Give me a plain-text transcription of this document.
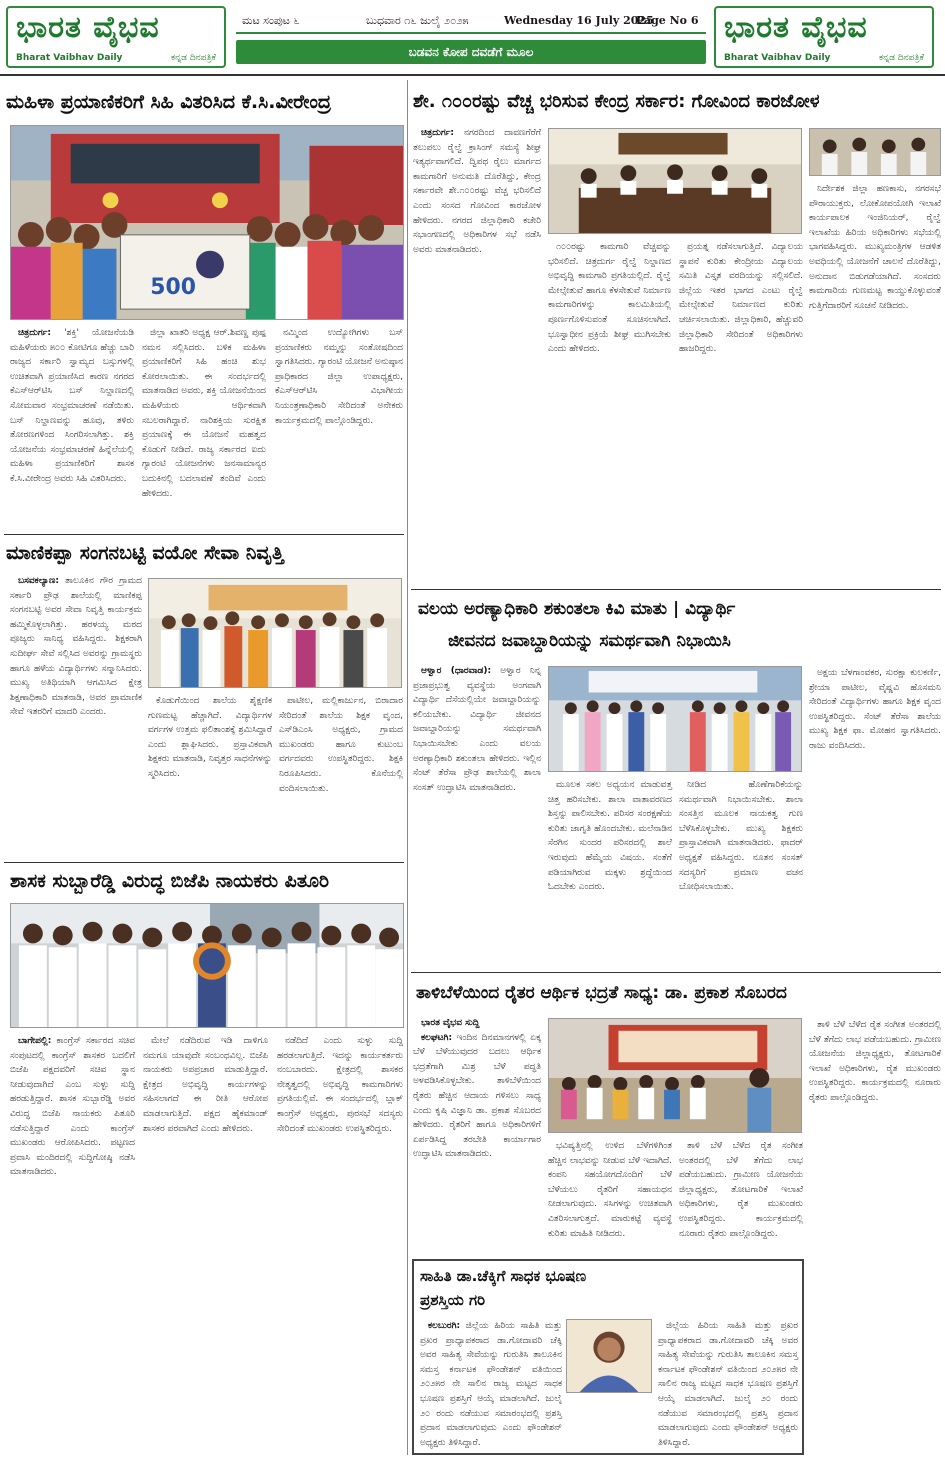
ಭಾರತ ವೈಭವ
Bharat Vaibhav Daily	ಕನ್ನಡ ದಿನಪತ್ರಿಕೆ
ಮಟ ಸಂಪುಟ ೬	ಬುಧವಾರ ೧೬ ಜುಲೈ ೨೦೨೫	Wednesday 16 July 2025
Page No 6
ಬಡವನ ಕೋಪ ದವಡೆಗೆ ಮೂಲ
ಭಾರತ ವೈಭವ
Bharat Vaibhav Daily	ಕನ್ನಡ ದಿನಪತ್ರಿಕೆ
ಮಹಿಳಾ ಪ್ರಯಾಣಿಕರಿಗೆ ಸಿಹಿ ವಿತರಿಸಿದ ಕೆ.ಸಿ.ವೀರೇಂದ್ರ
500

ಚಿತ್ರದುರ್ಗ: 'ಶಕ್ತಿ' ಯೋಜನೆಯಡಿ ಮಹಿಳೆಯರು ೫೦೦ ಕೋಟಿಗೂ ಹೆಚ್ಚು ಬಾರಿ ರಾಜ್ಯದ ಸರ್ಕಾರಿ ಸ್ವಾಮ್ಯದ ಬಸ್ಸುಗಳಲ್ಲಿ ಉಚಿತವಾಗಿ ಪ್ರಯಾಣಿಸಿದ ಕಾರಣ ನಗರದ ಕೆಎಸ್‌ಆರ್‌ಟಿಸಿ ಬಸ್ ನಿಲ್ದಾಣದಲ್ಲಿ ಸೋಮವಾರ ಸಂಭ್ರಮಾಚರಣೆ ನಡೆಯಿತು. ಬಸ್ ನಿಲ್ದಾಣವನ್ನು ಹೂವು, ತಳಿರು ತೋರಣಗಳಿಂದ ಸಿಂಗರಿಸಲಾಗಿತ್ತು. ಶಕ್ತಿ ಯೋಜನೆಯ ಸಂಭ್ರಮಾಚರಣೆ ಹಿನ್ನೆಲೆಯಲ್ಲಿ ಮಹಿಳಾ ಪ್ರಯಾಣಿಕರಿಗೆ ಶಾಸಕ ಕೆ.ಸಿ.ವೀರೇಂದ್ರ ಅವರು ಸಿಹಿ ವಿತರಿಸಿದರು.

ಜಿಲ್ಲಾ ಖಾತರಿ ಅಧ್ಯಕ್ಷ ಆರ್.ಶಿವಣ್ಣ ಪುಷ್ಪ ನಮನ ಸಲ್ಲಿಸಿದರು. ಬಳಿಕ ಮಹಿಳಾ ಪ್ರಯಾಣಿಕರಿಗೆ ಸಿಹಿ ಹಂಚಿ ಶುಭ ಕೋರಲಾಯಿತು. ಈ ಸಂದರ್ಭದಲ್ಲಿ ಮಾತನಾಡಿದ ಅವರು, ಶಕ್ತಿ ಯೋಜನೆಯಿಂದ ಮಹಿಳೆಯರು ಆರ್ಥಿಕವಾಗಿ ಸಬಲರಾಗಿದ್ದಾರೆ. ನಾರಿಶಕ್ತಿಯ ಸುರಕ್ಷಿತ ಪ್ರಯಾಣಕ್ಕೆ ಈ ಯೋಜನೆ ಮಹತ್ವದ ಕೊಡುಗೆ ನೀಡಿದೆ. ರಾಜ್ಯ ಸರ್ಕಾರದ ಐದು ಗ್ಯಾರಂಟಿ ಯೋಜನೆಗಳು ಜನಸಾಮಾನ್ಯರ ಬದುಕಿನಲ್ಲಿ ಬದಲಾವಣೆ ತಂದಿವೆ ಎಂದು ಹೇಳಿದರು.

ನಮ್ಮಿಂದ ಉದ್ಯೋಗಿಗಳು ಬಸ್ ಪ್ರಯಾಣಿಕರು ನಮ್ಮನ್ನು ಸಂತೋಷದಿಂದ ಸ್ವಾಗತಿಸಿದರು. ಗ್ಯಾರಂಟಿ ಯೋಜನೆ ಅನುಷ್ಠಾನ ಪ್ರಾಧಿಕಾರದ ಜಿಲ್ಲಾ ಉಪಾಧ್ಯಕ್ಷರು, ಕೆಎಸ್‌ಆರ್‌ಟಿಸಿ ವಿಭಾಗೀಯ ನಿಯಂತ್ರಣಾಧಿಕಾರಿ ಸೇರಿದಂತೆ ಅನೇಕರು ಕಾರ್ಯಕ್ರಮದಲ್ಲಿ ಪಾಲ್ಗೊಂಡಿದ್ದರು.

ಮಾಣಿಕಪ್ಪಾ ಸಂಗನಬಟ್ಟಿ ವಯೋ ಸೇವಾ ನಿವೃತ್ತಿ

ಬಸವಕಲ್ಯಾಣ: ತಾಲೂಕಿನ ಗೌರ ಗ್ರಾಮದ ಸರ್ಕಾರಿ ಪ್ರೌಢ ಶಾಲೆಯಲ್ಲಿ ಮಾಣಿಕಪ್ಪ ಸಂಗನಬಟ್ಟಿ ಅವರ ಸೇವಾ ನಿವೃತ್ತಿ ಕಾರ್ಯಕ್ರಮ ಹಮ್ಮಿಕೊಳ್ಳಲಾಗಿತ್ತು. ಹರಳಯ್ಯ ಮಠದ ಪೂಜ್ಯರು ಸಾನಿಧ್ಯ ವಹಿಸಿದ್ದರು. ಶಿಕ್ಷಕರಾಗಿ ಸುದೀರ್ಘ ಸೇವೆ ಸಲ್ಲಿಸಿದ ಅವರನ್ನು ಗ್ರಾಮಸ್ಥರು ಹಾಗೂ ಹಳೆಯ ವಿದ್ಯಾರ್ಥಿಗಳು ಸನ್ಮಾನಿಸಿದರು. ಮುಖ್ಯ ಅತಿಥಿಯಾಗಿ ಆಗಮಿಸಿದ ಕ್ಷೇತ್ರ ಶಿಕ್ಷಣಾಧಿಕಾರಿ ಮಾತನಾಡಿ, ಅವರ ಪ್ರಾಮಾಣಿಕ ಸೇವೆ ಇತರರಿಗೆ ಮಾದರಿ ಎಂದರು.

ಕೊಡುಗೆಯಿಂದ ಶಾಲೆಯ ಶೈಕ್ಷಣಿಕ ಗುಣಮಟ್ಟ ಹೆಚ್ಚಾಗಿದೆ. ವಿದ್ಯಾರ್ಥಿಗಳ ವರ್ಗಗಳ ಉತ್ತಮ ಫಲಿತಾಂಶಕ್ಕೆ ಶ್ರಮಿಸಿದ್ದಾರೆ ಎಂದು ಶ್ಲಾಘಿಸಿದರು. ಪ್ರಸ್ತಾವಿಕವಾಗಿ ಶಿಕ್ಷಕರು ಮಾತನಾಡಿ, ನಿವೃತ್ತರ ಸಾಧನೆಗಳನ್ನು ಸ್ಮರಿಸಿದರು.

ಪಾಟೀಲ, ಮಲ್ಲಿಕಾರ್ಜುನ, ಬಿರಾದಾರ ಸೇರಿದಂತೆ ಶಾಲೆಯ ಶಿಕ್ಷಕ ವೃಂದ, ಎಸ್‌ಡಿಎಂಸಿ ಅಧ್ಯಕ್ಷರು, ಗ್ರಾಮದ ಮುಖಂಡರು ಹಾಗೂ ಕುಟುಂಬ ವರ್ಗದವರು ಉಪಸ್ಥಿತರಿದ್ದರು. ಶಿಕ್ಷಕಿ ನಿರೂಪಿಸಿದರು. ಕೊನೆಯಲ್ಲಿ ವಂದಿಸಲಾಯಿತು.

ಶಾಸಕ ಸುಬ್ಬಾರೆಡ್ಡಿ ವಿರುದ್ಧ ಬಿಜೆಪಿ ನಾಯಕರು ಪಿತೂರಿ

ಬಾಗೇಪಲ್ಲಿ: ಕಾಂಗ್ರೆಸ್ ಸರ್ಕಾರದ ಸಚಿವ ಸಂಪುಟದಲ್ಲಿ ಕಾಂಗ್ರೆಸ್ ಶಾಸಕರ ಬದಲಿಗೆ ಬಿಜೆಪಿ ಪಕ್ಷದವರಿಗೆ ಸಚಿವ ಸ್ಥಾನ ನೀಡುವುದಾಗಿದೆ ಎಂಬ ಸುಳ್ಳು ಸುದ್ದಿ ಹರಡುತ್ತಿದ್ದಾರೆ. ಶಾಸಕ ಸುಬ್ಬಾರೆಡ್ಡಿ ಅವರ ವಿರುದ್ಧ ಬಿಜೆಪಿ ನಾಯಕರು ಪಿತೂರಿ ನಡೆಸುತ್ತಿದ್ದಾರೆ ಎಂದು ಕಾಂಗ್ರೆಸ್ ಮುಖಂಡರು ಆರೋಪಿಸಿದರು. ಪಟ್ಟಣದ ಪ್ರವಾಸಿ ಮಂದಿರದಲ್ಲಿ ಸುದ್ದಿಗೋಷ್ಠಿ ನಡೆಸಿ ಮಾತನಾಡಿದರು.

ಮೇಲೆ ನಡೆದಿರುವ ಇಡಿ ದಾಳಿಗೂ ನಮಗೂ ಯಾವುದೇ ಸಂಬಂಧವಿಲ್ಲ. ಬಿಜೆಪಿ ನಾಯಕರು ಅಪಪ್ರಚಾರ ಮಾಡುತ್ತಿದ್ದಾರೆ. ಕ್ಷೇತ್ರದ ಅಭಿವೃದ್ಧಿ ಕಾರ್ಯಗಳನ್ನು ಸಹಿಸಲಾಗದೆ ಈ ರೀತಿ ಆರೋಪ ಮಾಡಲಾಗುತ್ತಿದೆ. ಪಕ್ಷದ ಹೈಕಮಾಂಡ್ ಶಾಸಕರ ಪರವಾಗಿದೆ ಎಂದು ಹೇಳಿದರು.

ನಡೆದಿದೆ ಎಂದು ಸುಳ್ಳು ಸುದ್ದಿ ಹರಡಲಾಗುತ್ತಿದೆ. ಇದನ್ನು ಕಾರ್ಯಕರ್ತರು ನಂಬಬಾರದು. ಕ್ಷೇತ್ರದಲ್ಲಿ ಶಾಸಕರ ನೇತೃತ್ವದಲ್ಲಿ ಅಭಿವೃದ್ಧಿ ಕಾಮಗಾರಿಗಳು ಪ್ರಗತಿಯಲ್ಲಿವೆ. ಈ ಸಂದರ್ಭದಲ್ಲಿ ಬ್ಲಾಕ್ ಕಾಂಗ್ರೆಸ್ ಅಧ್ಯಕ್ಷರು, ಪುರಸಭೆ ಸದಸ್ಯರು ಸೇರಿದಂತೆ ಮುಖಂಡರು ಉಪಸ್ಥಿತರಿದ್ದರು.

ಶೇ. ೧೦೦ರಷ್ಟು ವೆಚ್ಚ ಭರಿಸುವ ಕೇಂದ್ರ ಸರ್ಕಾರ: ಗೋವಿಂದ ಕಾರಜೋಳ

ಚಿತ್ರದುರ್ಗ: ನಗರದಿಂದ ದಾವಣಗೆರೆಗೆ ತಲುಪಲು ರೈಲ್ವೆ ಕ್ರಾಸಿಂಗ್ ಸಮಸ್ಯೆ ಶೀಘ್ರ ಇತ್ಯರ್ಥವಾಗಲಿದೆ. ದ್ವಿಪಥ ರೈಲು ಮಾರ್ಗದ ಕಾಮಗಾರಿಗೆ ಅನುಮತಿ ದೊರೆತಿದ್ದು, ಕೇಂದ್ರ ಸರ್ಕಾರವೇ ಶೇ.೧೦೦ರಷ್ಟು ವೆಚ್ಚ ಭರಿಸಲಿದೆ ಎಂದು ಸಂಸದ ಗೋವಿಂದ ಕಾರಜೋಳ ಹೇಳಿದರು. ನಗರದ ಜಿಲ್ಲಾಧಿಕಾರಿ ಕಚೇರಿ ಸಭಾಂಗಣದಲ್ಲಿ ಅಧಿಕಾರಿಗಳ ಸಭೆ ನಡೆಸಿ ಅವರು ಮಾತನಾಡಿದರು.	೧೦೦ರಷ್ಟು ಕಾಮಗಾರಿ ವೆಚ್ಚವನ್ನು ಭರಿಸಲಿದೆ. ಚಿತ್ರದುರ್ಗ ರೈಲ್ವೆ ನಿಲ್ದಾಣದ ಅಭಿವೃದ್ಧಿ ಕಾಮಗಾರಿ ಪ್ರಗತಿಯಲ್ಲಿದೆ. ರೈಲ್ವೆ ಮೇಲ್ಸೇತುವೆ ಹಾಗೂ ಕೆಳಸೇತುವೆ ನಿರ್ಮಾಣ ಕಾಮಗಾರಿಗಳನ್ನು ಕಾಲಮಿತಿಯಲ್ಲಿ ಪೂರ್ಣಗೊಳಿಸುವಂತೆ ಸೂಚಿಸಲಾಗಿದೆ. ಭೂಸ್ವಾಧೀನ ಪ್ರಕ್ರಿಯೆ ಶೀಘ್ರ ಮುಗಿಸಬೇಕು ಎಂದು ಹೇಳಿದರು.

ಪ್ರಯತ್ನ ನಡೆಸಲಾಗುತ್ತಿದೆ. ವಿದ್ಯಾಲಯ ಸ್ಥಾಪನೆ ಕುರಿತು ಕೇಂದ್ರೀಯ ವಿದ್ಯಾಲಯ ಸಮಿತಿ ವಿಸ್ತೃತ ವರದಿಯನ್ನು ಸಲ್ಲಿಸಲಿದೆ. ಜಿಲ್ಲೆಯ ಇತರ ಭಾಗದ ಎಂಟು ರೈಲ್ವೆ ಮೇಲ್ಸೇತುವೆ ನಿರ್ಮಾಣದ ಕುರಿತು ಚರ್ಚಿಸಲಾಯಿತು. ಜಿಲ್ಲಾಧಿಕಾರಿ, ಹೆಚ್ಚುವರಿ ಜಿಲ್ಲಾಧಿಕಾರಿ ಸೇರಿದಂತೆ ಅಧಿಕಾರಿಗಳು ಹಾಜರಿದ್ದರು.

ನಿರ್ದೇಶಕ ಜಿಲ್ಲಾ ಹಣಕಾಸು, ನಗರಸಭೆ ಪೌರಾಯುಕ್ತರು, ಲೋಕೋಪಯೋಗಿ ಇಲಾಖೆ ಕಾರ್ಯಪಾಲಕ ಇಂಜಿನಿಯರ್, ರೈಲ್ವೆ ಇಲಾಖೆಯ ಹಿರಿಯ ಅಧಿಕಾರಿಗಳು ಸಭೆಯಲ್ಲಿ ಭಾಗವಹಿಸಿದ್ದರು. ಮುಖ್ಯಮಂತ್ರಿಗಳ ಆಡಳಿತ ಅವಧಿಯಲ್ಲಿ ಯೋಜನೆಗೆ ಚಾಲನೆ ದೊರೆತಿದ್ದು, ಅನುದಾನ ಬಿಡುಗಡೆಯಾಗಿದೆ. ಸಂಸದರು ಕಾಮಗಾರಿಯ ಗುಣಮಟ್ಟ ಕಾಯ್ದುಕೊಳ್ಳುವಂತೆ ಗುತ್ತಿಗೆದಾರರಿಗೆ ಸೂಚನೆ ನೀಡಿದರು.

ವಲಯ ಅರಣ್ಯಾಧಿಕಾರಿ ಶಕುಂತಲಾ ಕಿವಿ ಮಾತು | ವಿದ್ಯಾರ್ಥಿ
ಜೀವನದ ಜವಾಬ್ದಾರಿಯನ್ನು ಸಮರ್ಥವಾಗಿ ನಿಭಾಯಿಸಿ

ಆಳ್ವಾರ (ಧಾರವಾಡ): ಅಳ್ವಾರ ನಿನ್ನ ಪ್ರಜಾಪ್ರಭುತ್ವ ವ್ಯವಸ್ಥೆಯ ಅಂಗವಾಗಿ ವಿದ್ಯಾರ್ಥಿ ದೆಸೆಯಲ್ಲಿಯೇ ಜವಾಬ್ದಾರಿಯನ್ನು ಕಲಿಯಬೇಕು. ವಿದ್ಯಾರ್ಥಿ ಜೀವನದ ಜವಾಬ್ದಾರಿಯನ್ನು ಸಮರ್ಥವಾಗಿ ನಿಭಾಯಿಸಬೇಕು ಎಂದು ವಲಯ ಅರಣ್ಯಾಧಿಕಾರಿ ಶಕುಂತಲಾ ಹೇಳಿದರು. ಇಲ್ಲಿನ ಸೆಂಟ್ ತೆರೆಸಾ ಪ್ರೌಢ ಶಾಲೆಯಲ್ಲಿ ಶಾಲಾ ಸಂಸತ್ ಉದ್ಘಾಟಿಸಿ ಮಾತನಾಡಿದರು.	ಮೂಲಕ ಸಕಲ ಅಧ್ಯಯನ ಮಾಡುವತ್ತ ಚಿತ್ತ ಹರಿಸಬೇಕು. ಶಾಲಾ ವಾತಾವರಣದ ಶಿಸ್ತನ್ನು ಪಾಲಿಸಬೇಕು. ಪರಿಸರ ಸಂರಕ್ಷಣೆಯ ಕುರಿತು ಜಾಗೃತಿ ಹೊಂದಬೇಕು. ಮಲೆನಾಡಿನ ಸೆರಗಿನ ಸುಂದರ ಪರಿಸರದಲ್ಲಿ ಶಾಲೆ ಇರುವುದು ಹೆಮ್ಮೆಯ ವಿಷಯ. ಸಂತೆಗೆ ಪಡಿಯಾಗಿರುವ ಮಕ್ಕಳು ಶ್ರದ್ಧೆಯಿಂದ ಓದಬೇಕು ಎಂದರು.

ನೀಡಿದ ಹೊಣೆಗಾರಿಕೆಯನ್ನು ಸಮರ್ಥವಾಗಿ ನಿಭಾಯಿಸಬೇಕು. ಶಾಲಾ ಸಂಸತ್ತಿನ ಮೂಲಕ ನಾಯಕತ್ವ ಗುಣ ಬೆಳೆಸಿಕೊಳ್ಳಬೇಕು. ಮುಖ್ಯ ಶಿಕ್ಷಕರು ಪ್ರಾಸ್ತಾವಿಕವಾಗಿ ಮಾತನಾಡಿದರು. ಫಾದರ್ ಅಧ್ಯಕ್ಷತೆ ವಹಿಸಿದ್ದರು. ನೂತನ ಸಂಸತ್ ಸದಸ್ಯರಿಗೆ ಪ್ರಮಾಣ ವಚನ ಬೋಧಿಸಲಾಯಿತು.

ಅಕ್ಷಯ ಬೆಳಗಾಂವಕರ, ಸುರಕ್ಷಾ ಕುಲಕರ್ಣಿ, ಶ್ರೇಯಾ ಪಾಟೀಲ, ವೈಷ್ಣವಿ ಹೊಸಮನಿ ಸೇರಿದಂತೆ ವಿದ್ಯಾರ್ಥಿಗಳು ಹಾಗೂ ಶಿಕ್ಷಕ ವೃಂದ ಉಪಸ್ಥಿತರಿದ್ದರು. ಸೆಂಟ್ ತೆರೆಸಾ ಶಾಲೆಯ ಮುಖ್ಯ ಶಿಕ್ಷಕ ಫಾ. ಮೋಹನ ಸ್ವಾಗತಿಸಿದರು. ರಾಜು ವಂದಿಸಿದರು.

ತಾಳಿಬೆಳೆಯಿಂದ ರೈತರ ಆರ್ಥಿಕ ಭದ್ರತೆ ಸಾಧ್ಯ: ಡಾ. ಪ್ರಕಾಶ ಸೊಬರದ

ಭಾರತ ವೈಭವ ಸುದ್ದಿ

ಕಲಘಟಗಿ: ಇಂದಿನ ದಿನಮಾನಗಳಲ್ಲಿ ಏಕ್ಕ ಬೆಳೆ ಬೆಳೆಯುವುದರ ಬದಲು ಆರ್ಥಿಕ ಭದ್ರತೆಗಾಗಿ ಮಿಶ್ರ ಬೆಳೆ ಪದ್ಧತಿ ಅಳವಡಿಸಿಕೊಳ್ಳಬೇಕು. ತಾಳಿಬೆಳೆಯಿಂದ ರೈತರು ಹೆಚ್ಚಿನ ಆದಾಯ ಗಳಿಸಲು ಸಾಧ್ಯ ಎಂದು ಕೃಷಿ ವಿಜ್ಞಾನಿ ಡಾ. ಪ್ರಕಾಶ ಸೊಬರದ ಹೇಳಿದರು. ರೈತರಿಗೆ ಹಾಗೂ ಅಧಿಕಾರಿಗಳಿಗೆ ಏರ್ಪಡಿಸಿದ್ದ ತರಬೇತಿ ಕಾರ್ಯಾಗಾರ ಉದ್ಘಾಟಿಸಿ ಮಾತನಾಡಿದರು.

ಭವಿಷ್ಯತ್ತಿನಲ್ಲಿ ಉಳಿದ ಬೆಳೆಗಳಿಗಿಂತ ಹೆಚ್ಚಿನ ಲಾಭವನ್ನು ನೀಡುವ ಬೆಳೆ ಇದಾಗಿದೆ. ಕಂಪನಿ ಸಹಯೋಗದೊಂದಿಗೆ ಬೆಳೆ ಬೆಳೆಯಲು ರೈತರಿಗೆ ಸಹಾಯಧನ ನೀಡಲಾಗುವುದು. ಸಸಿಗಳನ್ನು ಉಚಿತವಾಗಿ ವಿತರಿಸಲಾಗುತ್ತದೆ. ಮಾರುಕಟ್ಟೆ ವ್ಯವಸ್ಥೆ ಕುರಿತು ಮಾಹಿತಿ ನೀಡಿದರು.

ತಾಳಿ ಬೆಳೆ ಬೆಳೆದ ರೈತ ಸಂಗೀತ ಅಂತರದಲ್ಲಿ ಬೆಳೆ ತೆಗೆದು ಲಾಭ ಪಡೆಯಬಹುದು. ಗ್ರಾಮೀಣ ಯೋಜನೆಯ ಜಿಲ್ಲಾಧ್ಯಕ್ಷರು, ತೋಟಗಾರಿಕೆ ಇಲಾಖೆ ಅಧಿಕಾರಿಗಳು, ರೈತ ಮುಖಂಡರು ಉಪಸ್ಥಿತರಿದ್ದರು. ಕಾರ್ಯಕ್ರಮದಲ್ಲಿ ನೂರಾರು ರೈತರು ಪಾಲ್ಗೊಂಡಿದ್ದರು.

ತಾಳಿ ಬೆಳೆ ಬೆಳೆದ ರೈತ ಸಂಗೀತ ಅಂತರದಲ್ಲಿ ಬೆಳೆ ತೆಗೆದು ಲಾಭ ಪಡೆಯಬಹುದು. ಗ್ರಾಮೀಣ ಯೋಜನೆಯ ಜಿಲ್ಲಾಧ್ಯಕ್ಷರು, ತೋಟಗಾರಿಕೆ ಇಲಾಖೆ ಅಧಿಕಾರಿಗಳು, ರೈತ ಮುಖಂಡರು ಉಪಸ್ಥಿತರಿದ್ದರು. ಕಾರ್ಯಕ್ರಮದಲ್ಲಿ ನೂರಾರು ರೈತರು ಪಾಲ್ಗೊಂಡಿದ್ದರು.

ಸಾಹಿತಿ ಡಾ.ಚೆಕ್ಕಿಗೆ ಸಾಧಕ ಭೂಷಣ
ಪ್ರಶಸ್ತಿಯ ಗರಿ

ಕಲಬುರಗಿ: ಜಿಲ್ಲೆಯ ಹಿರಿಯ ಸಾಹಿತಿ ಮತ್ತು ಪ್ರಖರ ಪ್ರಾಧ್ಯಾಪಕರಾದ ಡಾ.ಗೋದಾವರಿ ಚೆಕ್ಕಿ ಅವರ ಸಾಹಿತ್ಯ ಸೇವೆಯನ್ನು ಗುರುತಿಸಿ ತಾಲೂಕಿನ ಸಮಸ್ತ ಕರ್ನಾಟಕ ಫೌಂಡೇಶನ್ ವತಿಯಿಂದ ೨೦೨೫ರ ನೇ ಸಾಲಿನ ರಾಜ್ಯ ಮಟ್ಟದ ಸಾಧಕ ಭೂಷಣ ಪ್ರಶಸ್ತಿಗೆ ಆಯ್ಕೆ ಮಾಡಲಾಗಿದೆ. ಜುಲೈ ೨೦ ರಂದು ನಡೆಯುವ ಸಮಾರಂಭದಲ್ಲಿ ಪ್ರಶಸ್ತಿ ಪ್ರದಾನ ಮಾಡಲಾಗುವುದು ಎಂದು ಫೌಂಡೇಶನ್ ಅಧ್ಯಕ್ಷರು ತಿಳಿಸಿದ್ದಾರೆ.

ಜಿಲ್ಲೆಯ ಹಿರಿಯ ಸಾಹಿತಿ ಮತ್ತು ಪ್ರಖರ ಪ್ರಾಧ್ಯಾಪಕರಾದ ಡಾ.ಗೋದಾವರಿ ಚೆಕ್ಕಿ ಅವರ ಸಾಹಿತ್ಯ ಸೇವೆಯನ್ನು ಗುರುತಿಸಿ ತಾಲೂಕಿನ ಸಮಸ್ತ ಕರ್ನಾಟಕ ಫೌಂಡೇಶನ್ ವತಿಯಿಂದ ೨೦೨೫ರ ನೇ ಸಾಲಿನ ರಾಜ್ಯ ಮಟ್ಟದ ಸಾಧಕ ಭೂಷಣ ಪ್ರಶಸ್ತಿಗೆ ಆಯ್ಕೆ ಮಾಡಲಾಗಿದೆ. ಜುಲೈ ೨೦ ರಂದು ನಡೆಯುವ ಸಮಾರಂಭದಲ್ಲಿ ಪ್ರಶಸ್ತಿ ಪ್ರದಾನ ಮಾಡಲಾಗುವುದು ಎಂದು ಫೌಂಡೇಶನ್ ಅಧ್ಯಕ್ಷರು ತಿಳಿಸಿದ್ದಾರೆ.
